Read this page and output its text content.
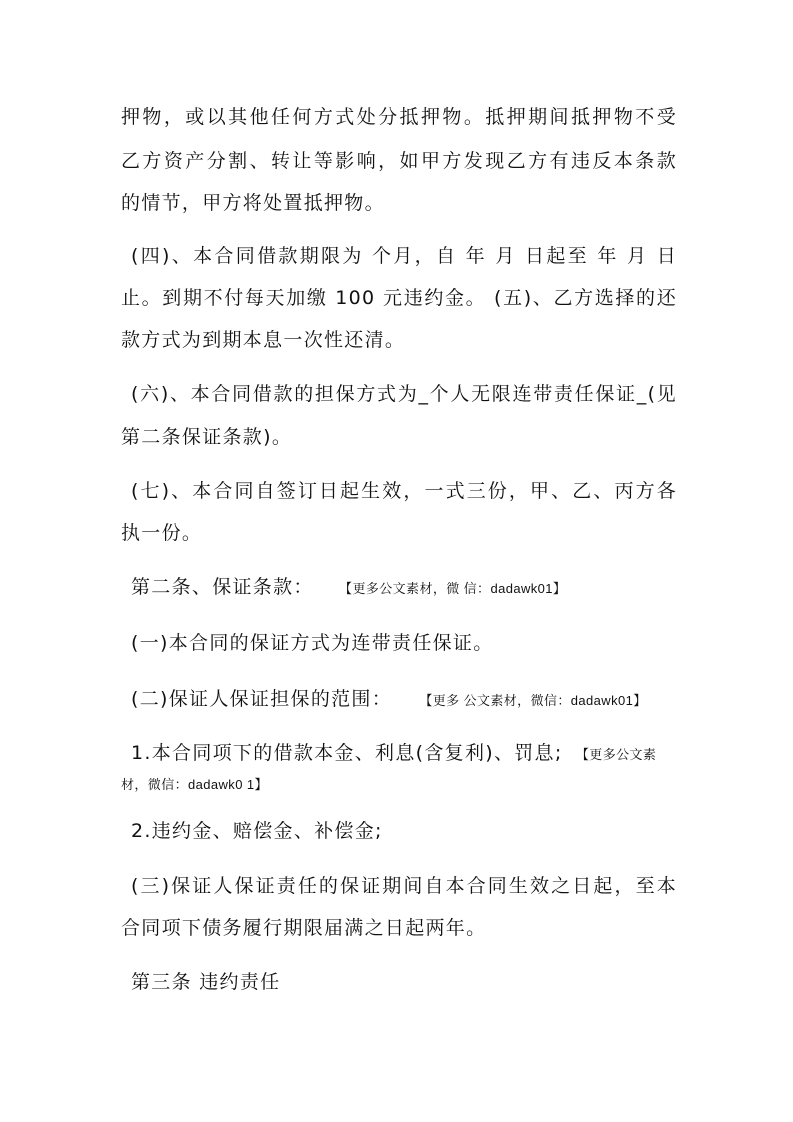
押物，或以其他任何方式处分抵押物。抵押期间抵押物不受
乙方资产分割、转让等影响，如甲方发现乙方有违反本条款
的情节，甲方将处置抵押物。
(四)、本合同借款期限为 个月，自 年 月 日起至 年 月 日
止。到期不付每天加缴 100 元违约金。 (五)、乙方选择的还
款方式为到期本息一次性还清。
(六)、本合同借款的担保方式为_个人无限连带责任保证_(见
第二条保证条款)。
(七)、本合同自签订日起生效，一式三份，甲、乙、丙方各
执一份。
第二条、保证条款： 【更多公文素材，微 信：dadawk01】
(一)本合同的保证方式为连带责任保证。
(二)保证人保证担保的范围： 【更多 公文素材，微信：dadawk01】
1.本合同项下的借款本金、利息(含复利)、罚息; 【更多公文素
材，微信：dadawk0 1】
2.违约金、赔偿金、补偿金;
(三)保证人保证责任的保证期间自本合同生效之日起，至本
合同项下债务履行期限届满之日起两年。
第三条 违约责任
